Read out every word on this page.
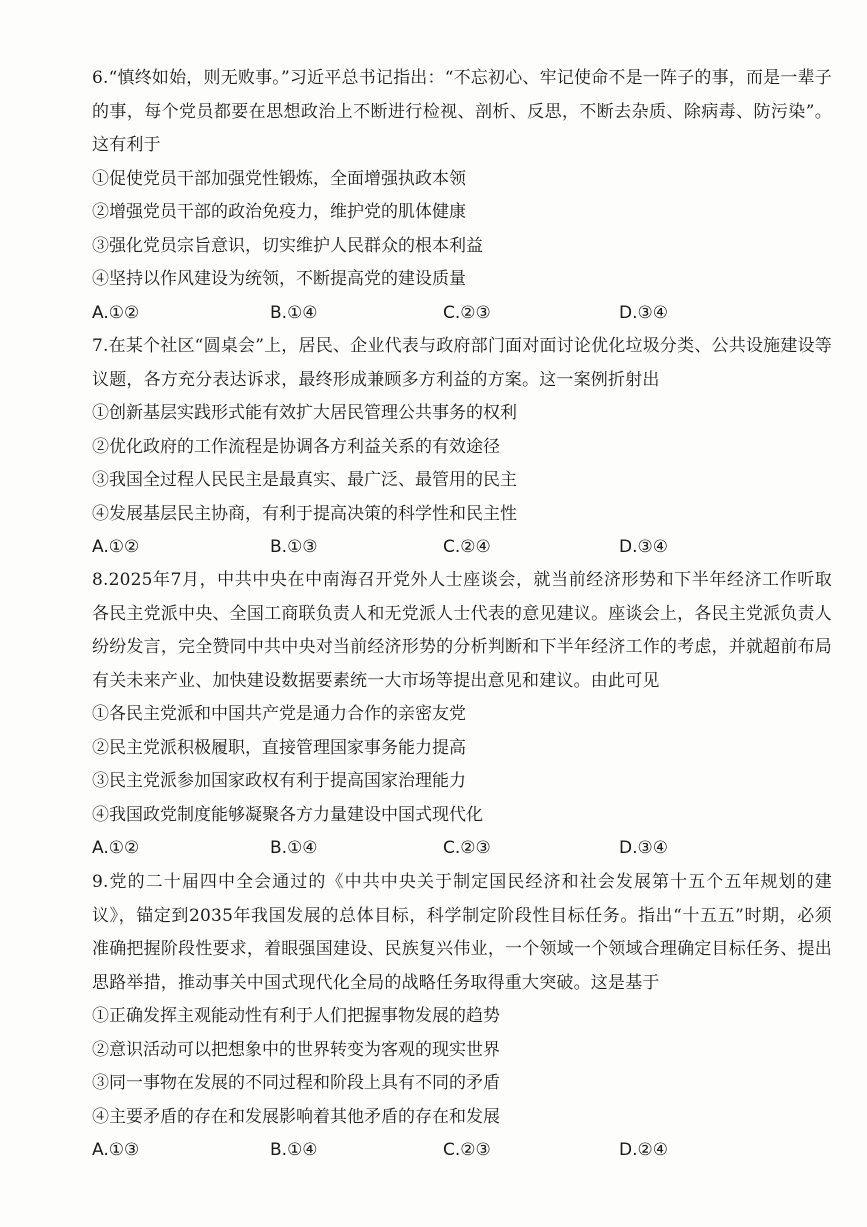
6.“慎终如始，则无败事。”习近平总书记指出：“不忘初心、牢记使命不是一阵子的事，而是一辈子的事，每个党员都要在思想政治上不断进行检视、剖析、反思，不断去杂质、除病毒、防污染”。这有利于

①促使党员干部加强党性锻炼，全面增强执政本领

②增强党员干部的政治免疫力，维护党的肌体健康

③强化党员宗旨意识，切实维护人民群众的根本利益

④坚持以作风建设为统领，不断提高党的建设质量

A.①②	B.①④	C.②③	D.③④

7.在某个社区“圆桌会”上，居民、企业代表与政府部门面对面讨论优化垃圾分类、公共设施建设等议题，各方充分表达诉求，最终形成兼顾多方利益的方案。这一案例折射出

①创新基层实践形式能有效扩大居民管理公共事务的权利

②优化政府的工作流程是协调各方利益关系的有效途径

③我国全过程人民民主是最真实、最广泛、最管用的民主

④发展基层民主协商，有利于提高决策的科学性和民主性

A.①②	B.①③	C.②④	D.③④

8.2025年7月，中共中央在中南海召开党外人士座谈会，就当前经济形势和下半年经济工作听取各民主党派中央、全国工商联负责人和无党派人士代表的意见建议。座谈会上，各民主党派负责人纷纷发言，完全赞同中共中央对当前经济形势的分析判断和下半年经济工作的考虑，并就超前布局有关未来产业、加快建设数据要素统一大市场等提出意见和建议。由此可见

①各民主党派和中国共产党是通力合作的亲密友党

②民主党派积极履职，直接管理国家事务能力提高

③民主党派参加国家政权有利于提高国家治理能力

④我国政党制度能够凝聚各方力量建设中国式现代化

A.①②	B.①④	C.②③	D.③④

9.党的二十届四中全会通过的《中共中央关于制定国民经济和社会发展第十五个五年规划的建议》，锚定到2035年我国发展的总体目标，科学制定阶段性目标任务。指出“十五五”时期，必须准确把握阶段性要求，着眼强国建设、民族复兴伟业，一个领域一个领域合理确定目标任务、提出思路举措，推动事关中国式现代化全局的战略任务取得重大突破。这是基于

①正确发挥主观能动性有利于人们把握事物发展的趋势

②意识活动可以把想象中的世界转变为客观的现实世界

③同一事物在发展的不同过程和阶段上具有不同的矛盾

④主要矛盾的存在和发展影响着其他矛盾的存在和发展

A.①③	B.①④	C.②③	D.②④
